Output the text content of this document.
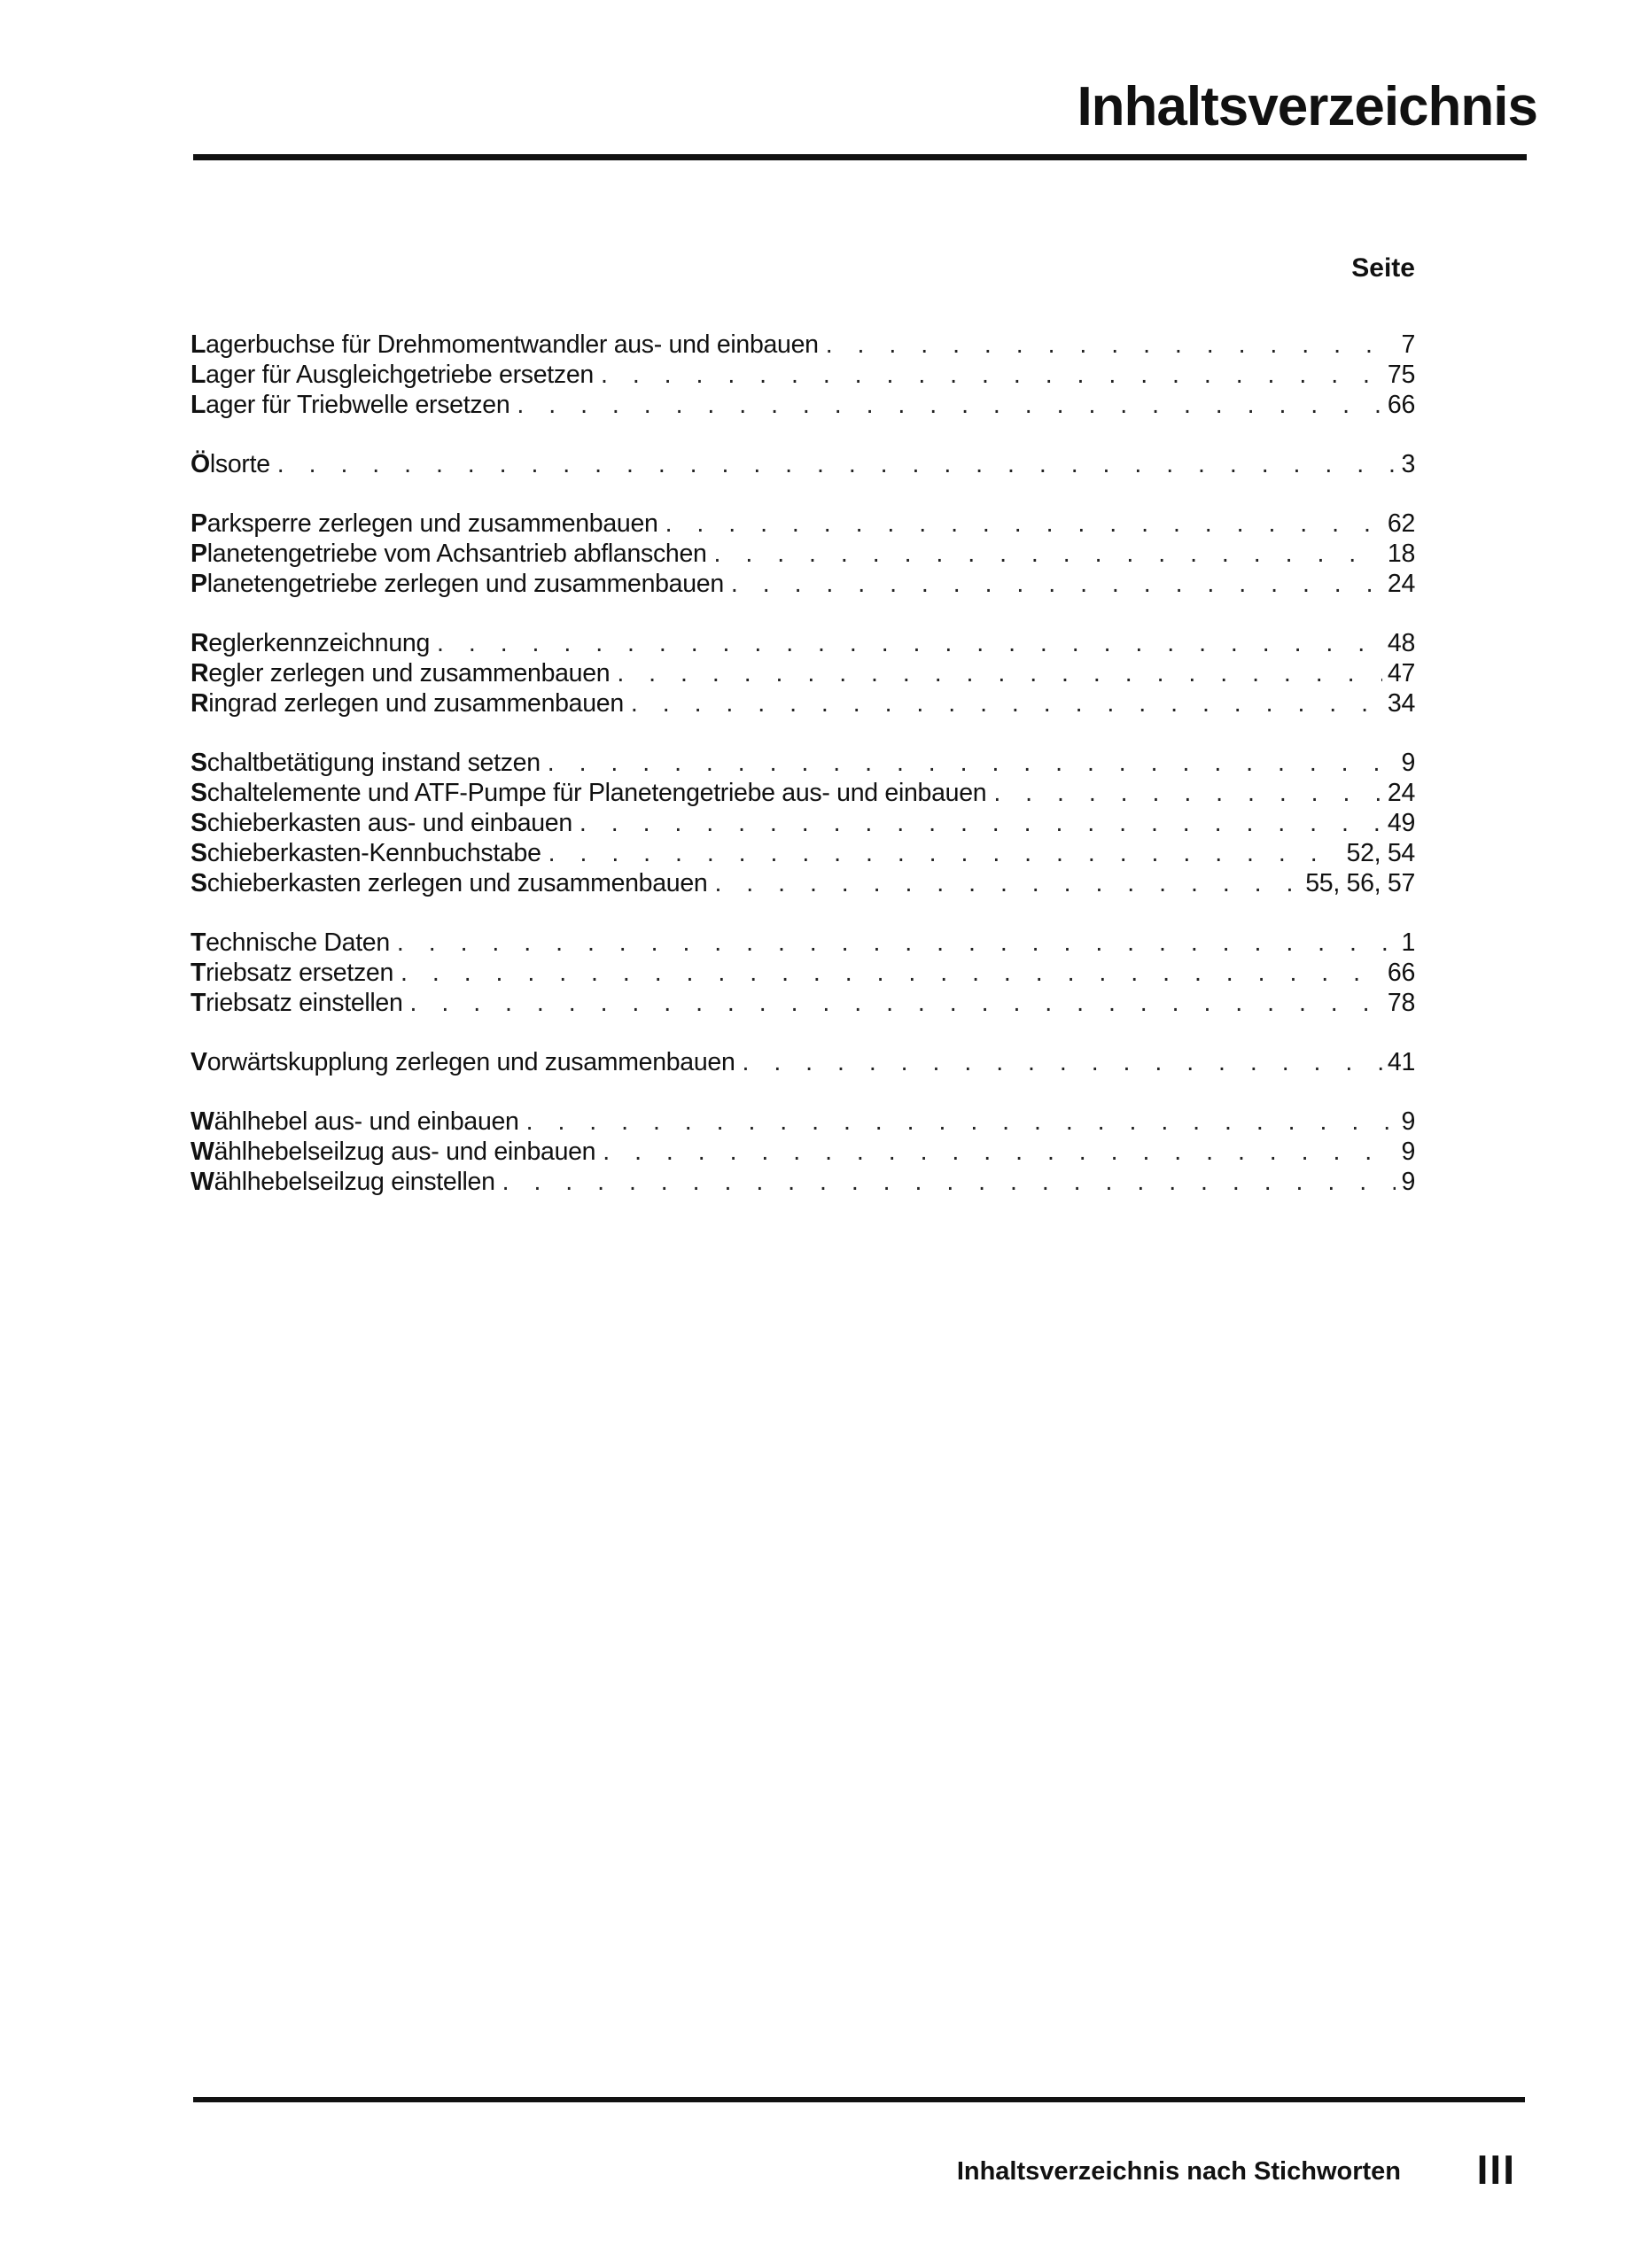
Inhaltsverzeichnis
Seite
Lagerbuchse für Drehmomentwandler aus- und einbauen . . .	7
Lager für Ausgleichgetriebe ersetzen . . .	75
Lager für Triebwelle ersetzen . . .	66
Ölsorte . . .	3
Parksperre zerlegen und zusammenbauen . . .	62
Planetengetriebe vom Achsantrieb abflanschen . . .	18
Planetengetriebe zerlegen und zusammenbauen . . .	24
Reglerkennzeichnung . . .	48
Regler zerlegen und zusammenbauen . . .	47
Ringrad zerlegen und zusammenbauen . . .	34
Schaltbetätigung instand setzen . . .	9
Schaltelemente und ATF-Pumpe für Planetengetriebe aus- und einbauen . . .	24
Schieberkasten aus- und einbauen . . .	49
Schieberkasten-Kennbuchstabe . . .	52, 54
Schieberkasten zerlegen und zusammenbauen . . .	55, 56, 57
Technische Daten . . .	1
Triebsatz ersetzen . . .	66
Triebsatz einstellen . . .	78
Vorwärtskupplung zerlegen und zusammenbauen . . .	41
Wählhebel aus- und einbauen . . .	9
Wählhebelseilzug aus- und einbauen . . .	9
Wählhebelseilzug einstellen . . .	9
Inhaltsverzeichnis nach Stichworten III
